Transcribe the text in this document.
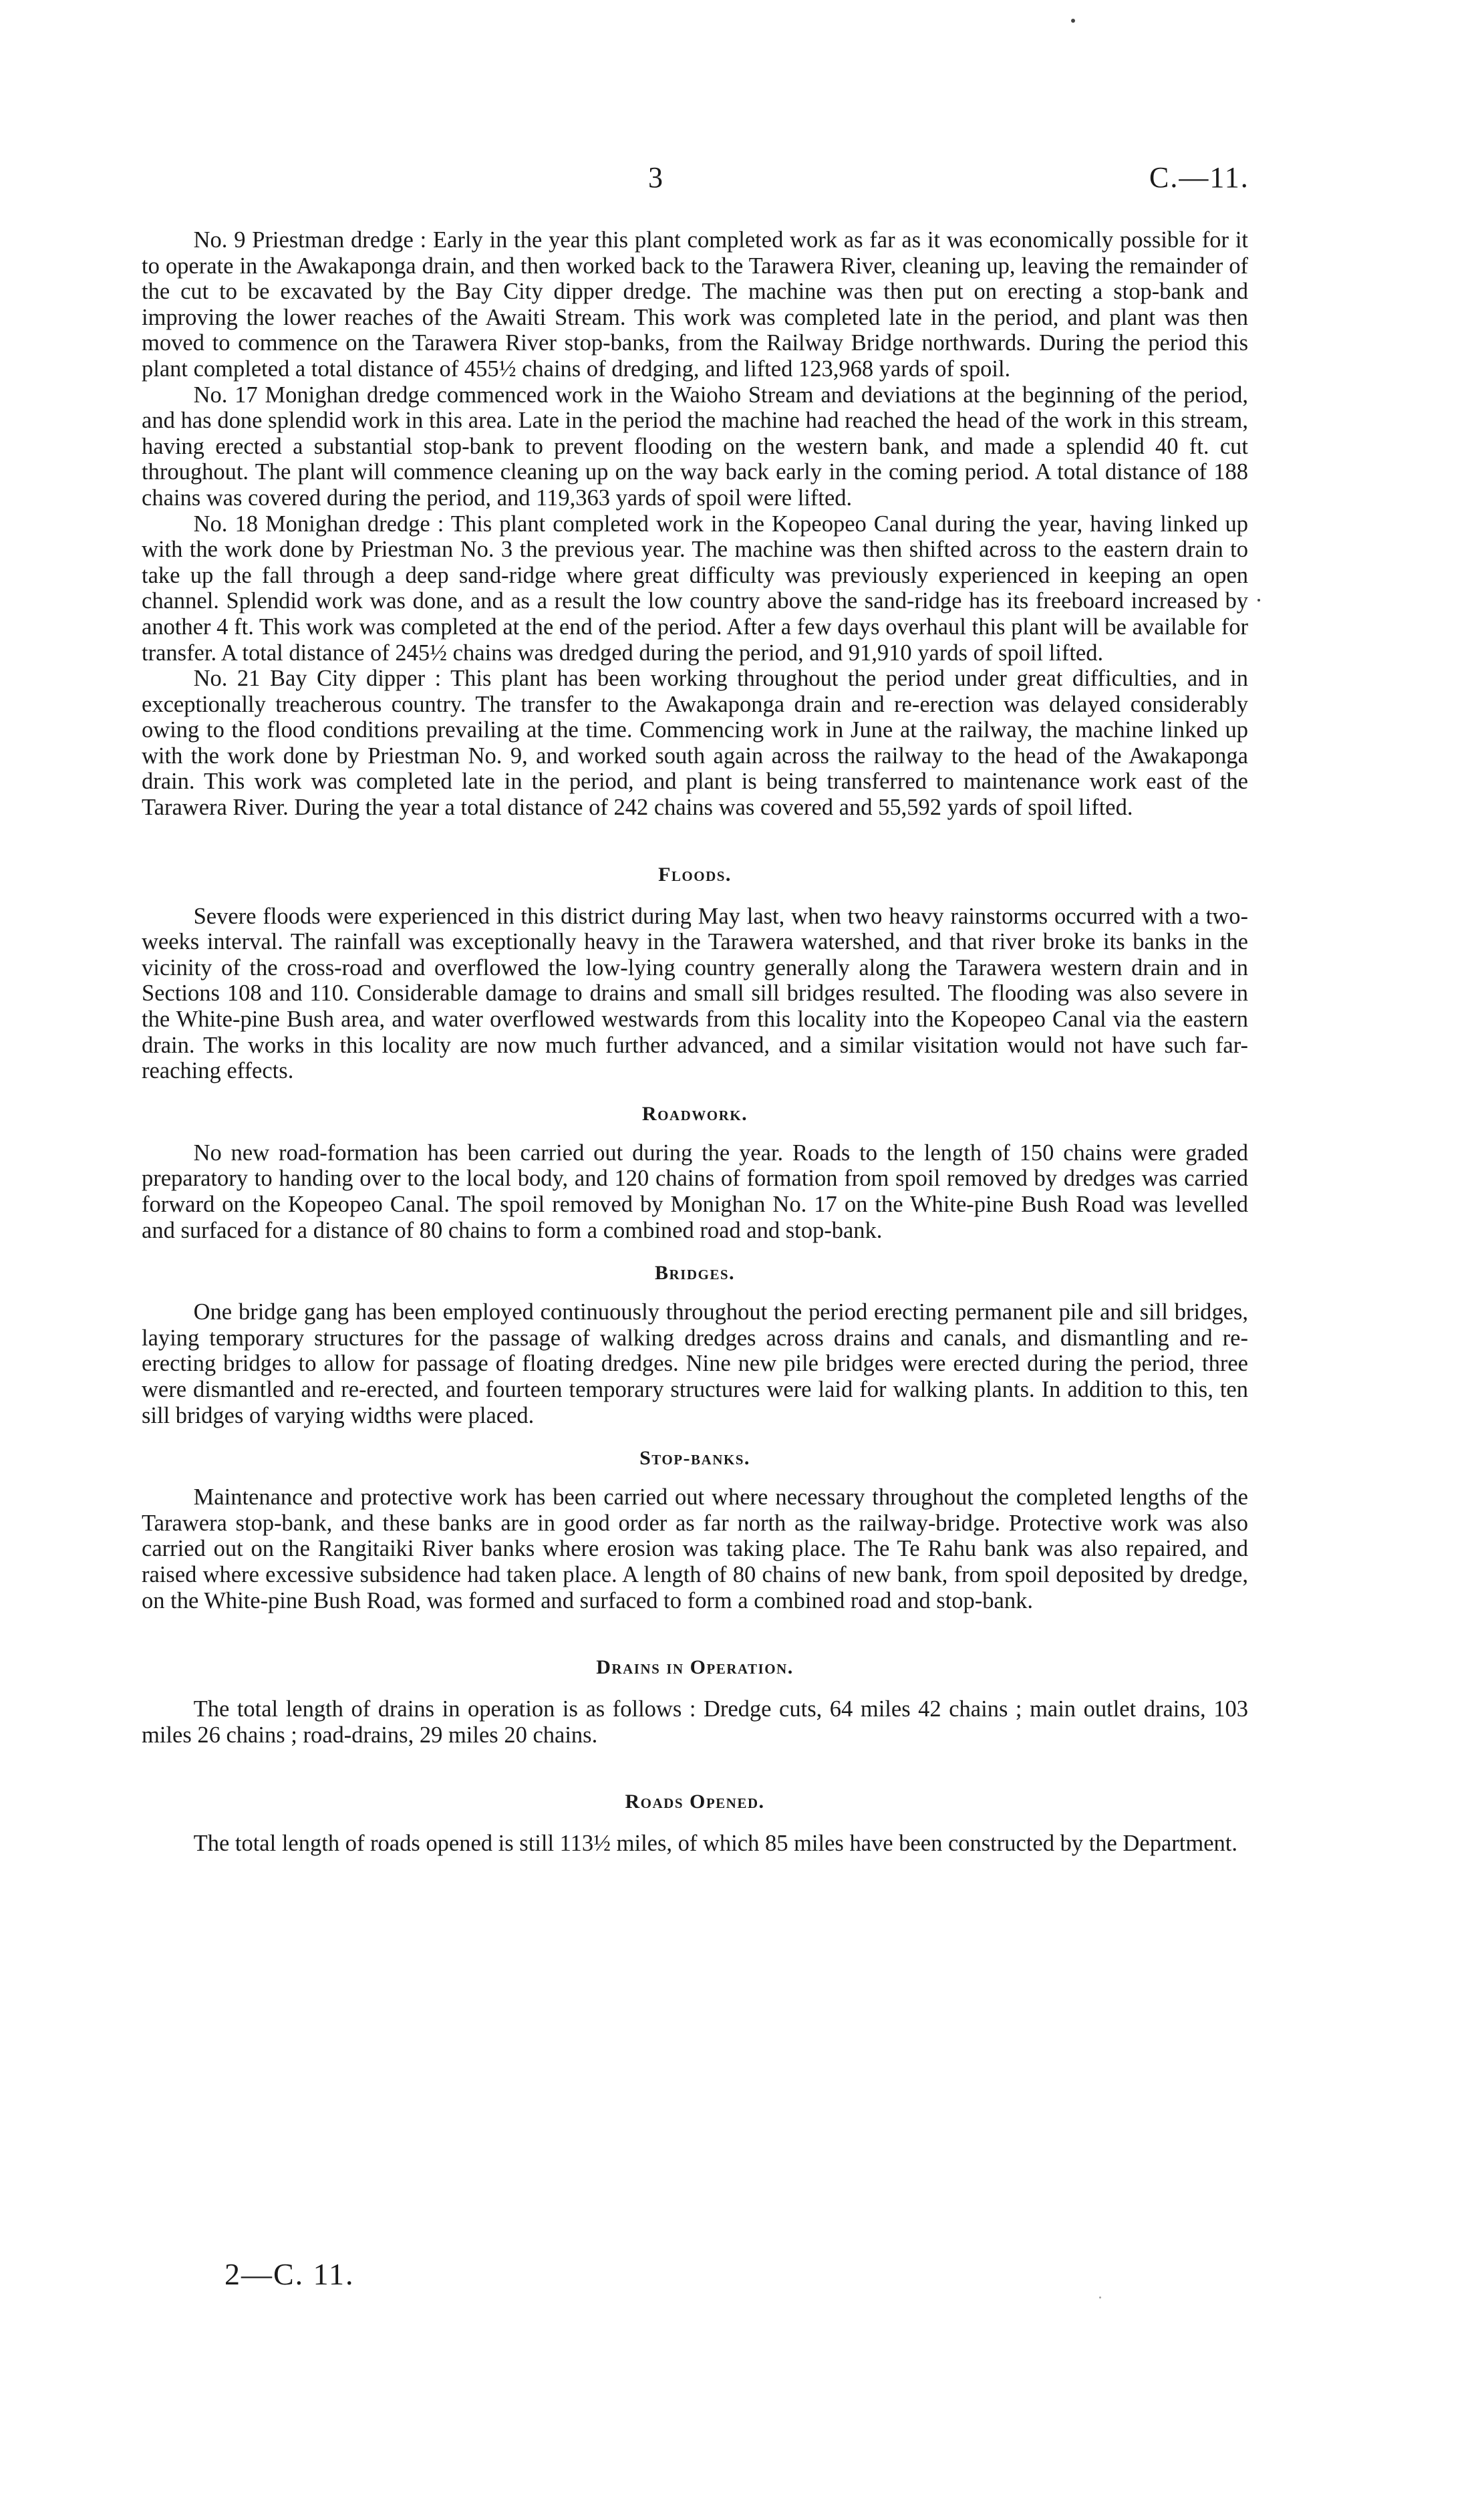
3	C.—11.

No. 9 Priestman dredge : Early in the year this plant completed work as far as it was economically possible for it to operate in the Awakaponga drain, and then worked back to the Tarawera River, cleaning up, leaving the remainder of the cut to be excavated by the Bay City dipper dredge. The machine was then put on erecting a stop-bank and improving the lower reaches of the Awaiti Stream. This work was completed late in the period, and plant was then moved to commence on the Tarawera River stop-banks, from the Railway Bridge northwards. During the period this plant completed a total distance of 455½ chains of dredging, and lifted 123,968 yards of spoil.

No. 17 Monighan dredge commenced work in the Waioho Stream and deviations at the beginning of the period, and has done splendid work in this area. Late in the period the machine had reached the head of the work in this stream, having erected a substantial stop-bank to prevent flooding on the western bank, and made a splendid 40 ft. cut throughout. The plant will commence cleaning up on the way back early in the coming period. A total distance of 188 chains was covered during the period, and 119,363 yards of spoil were lifted.

No. 18 Monighan dredge : This plant completed work in the Kopeopeo Canal during the year, having linked up with the work done by Priestman No. 3 the previous year. The machine was then shifted across to the eastern drain to take up the fall through a deep sand-ridge where great difficulty was previously experienced in keeping an open channel. Splendid work was done, and as a result the low country above the sand-ridge has its freeboard increased by another 4 ft. This work was completed at the end of the period. After a few days overhaul this plant will be available for transfer. A total distance of 245½ chains was dredged during the period, and 91,910 yards of spoil lifted.

No. 21 Bay City dipper : This plant has been working throughout the period under great difficulties, and in exceptionally treacherous country. The transfer to the Awakaponga drain and re-erection was delayed considerably owing to the flood conditions prevailing at the time. Commencing work in June at the railway, the machine linked up with the work done by Priestman No. 9, and worked south again across the railway to the head of the Awakaponga drain. This work was completed late in the period, and plant is being transferred to maintenance work east of the Tarawera River. During the year a total distance of 242 chains was covered and 55,592 yards of spoil lifted.

Floods.

Severe floods were experienced in this district during May last, when two heavy rainstorms occurred with a two-weeks interval. The rainfall was exceptionally heavy in the Tarawera watershed, and that river broke its banks in the vicinity of the cross-road and overflowed the low-lying country generally along the Tarawera western drain and in Sections 108 and 110. Considerable damage to drains and small sill bridges resulted. The flooding was also severe in the White-pine Bush area, and water overflowed westwards from this locality into the Kopeopeo Canal via the eastern drain. The works in this locality are now much further advanced, and a similar visitation would not have such far-reaching effects.

Roadwork.

No new road-formation has been carried out during the year. Roads to the length of 150 chains were graded preparatory to handing over to the local body, and 120 chains of formation from spoil removed by dredges was carried forward on the Kopeopeo Canal. The spoil removed by Monighan No. 17 on the White-pine Bush Road was levelled and surfaced for a distance of 80 chains to form a combined road and stop-bank.

Bridges.

One bridge gang has been employed continuously throughout the period erecting permanent pile and sill bridges, laying temporary structures for the passage of walking dredges across drains and canals, and dismantling and re-erecting bridges to allow for passage of floating dredges. Nine new pile bridges were erected during the period, three were dismantled and re-erected, and fourteen temporary structures were laid for walking plants. In addition to this, ten sill bridges of varying widths were placed.

Stop-banks.

Maintenance and protective work has been carried out where necessary throughout the completed lengths of the Tarawera stop-bank, and these banks are in good order as far north as the railway-bridge. Protective work was also carried out on the Rangitaiki River banks where erosion was taking place. The Te Rahu bank was also repaired, and raised where excessive subsidence had taken place. A length of 80 chains of new bank, from spoil deposited by dredge, on the White-pine Bush Road, was formed and surfaced to form a combined road and stop-bank.

Drains in Operation.

The total length of drains in operation is as follows : Dredge cuts, 64 miles 42 chains ; main outlet drains, 103 miles 26 chains ; road-drains, 29 miles 20 chains.

Roads Opened.

The total length of roads opened is still 113½ miles, of which 85 miles have been constructed by the Department.

2—C. 11.
